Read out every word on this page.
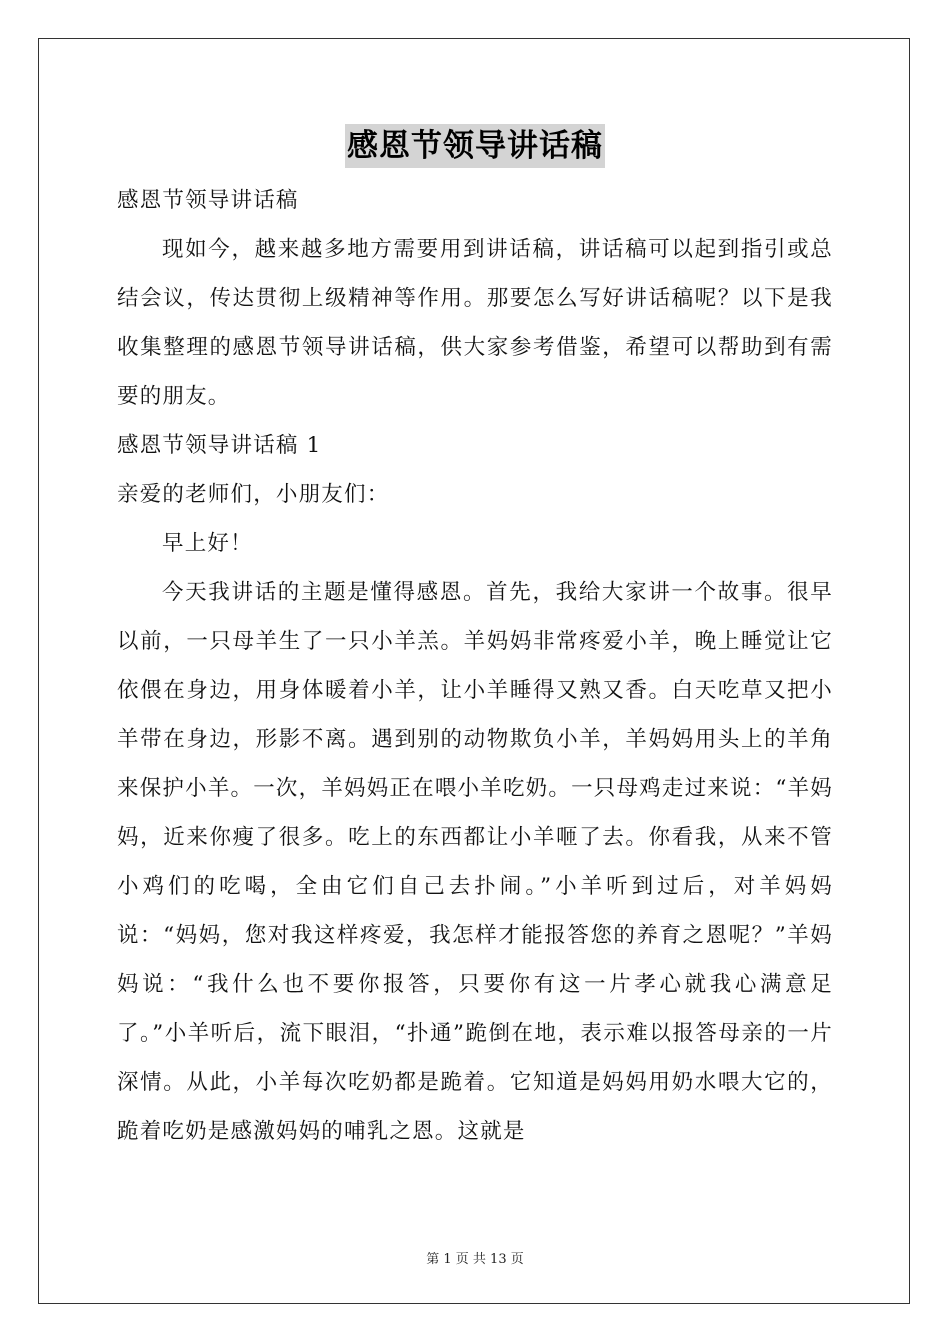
感恩节领导讲话稿

感恩节领导讲话稿

现如今，越来越多地方需要用到讲话稿，讲话稿可以起到指引或总结会议，传达贯彻上级精神等作用。那要怎么写好讲话稿呢？以下是我收集整理的感恩节领导讲话稿，供大家参考借鉴，希望可以帮助到有需要的朋友。

感恩节领导讲话稿 1

亲爱的老师们，小朋友们：

早上好！

今天我讲话的主题是懂得感恩。首先，我给大家讲一个故事。很早以前，一只母羊生了一只小羊羔。羊妈妈非常疼爱小羊，晚上睡觉让它依偎在身边，用身体暖着小羊，让小羊睡得又熟又香。白天吃草又把小羊带在身边，形影不离。遇到别的动物欺负小羊，羊妈妈用头上的羊角来保护小羊。一次，羊妈妈正在喂小羊吃奶。一只母鸡走过来说：“羊妈妈，近来你瘦了很多。吃上的东西都让小羊咂了去。你看我，从来不管小鸡们的吃喝，全由它们自己去扑闹。”小羊听到过后，对羊妈妈说：“妈妈，您对我这样疼爱，我怎样才能报答您的养育之恩呢？”羊妈妈说：“我什么也不要你报答，只要你有这一片孝心就我心满意足了。”小羊听后，流下眼泪，“扑通”跪倒在地，表示难以报答母亲的一片深情。从此，小羊每次吃奶都是跪着。它知道是妈妈用奶水喂大它的，跪着吃奶是感激妈妈的哺乳之恩。这就是

第 1 页 共 13 页
